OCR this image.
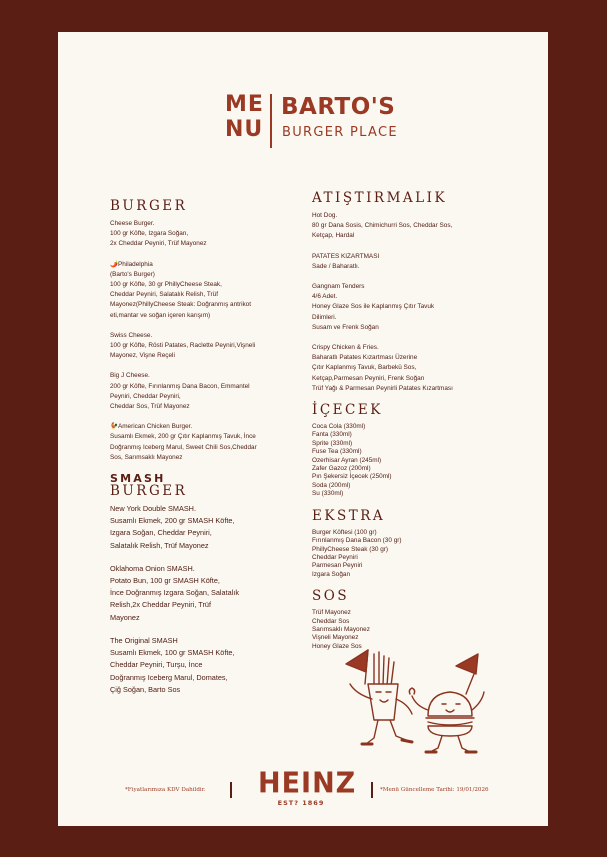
ME
NU
BARTO'S
BURGER PLACE
BURGER
Cheese Burger.
100 gr Köfte, Izgara Soğan,
2x Cheddar Peyniri, Trüf Mayonez
🌶️Philadelphia
(Barto's Burger)
100 gr Köfte, 30 gr PhillyCheese Steak,
Cheddar Peyniri, Salatalık Relish, Trüf
Mayonez(PhillyCheese Steak: Doğranmış antrikot
eti,mantar ve soğan içeren karışım)
Swiss Cheese.
100 gr Köfte, Rösti Patates, Raclette Peyniri,Vişneli
Mayonez, Vişne Reçeli
Big J Cheese.
200 gr Köfte, Fırınlanmış Dana Bacon, Emmantel
Peyniri, Cheddar Peyniri,
Cheddar Sos, Trüf Mayonez
🐓American Chicken Burger.
Susamlı Ekmek, 200 gr Çıtır Kaplanmış Tavuk, İnce
Doğranmış Iceberg Marul, Sweet Chili Sos,Cheddar
Sos, Sarımsaklı Mayonez
SMASH
BURGER
New York Double SMASH.
Susamlı Ekmek, 200 gr SMASH Köfte,
Izgara Soğan, Cheddar Peyniri,
Salatalık Relish, Trüf Mayonez
Oklahoma Onion SMASH.
Potato Bun, 100 gr SMASH Köfte,
İnce Doğranmış Izgara Soğan, Salatalık
Relish,2x Cheddar Peyniri, Trüf
Mayonez
The Original SMASH
Susamlı Ekmek, 100 gr SMASH Köfte,
Cheddar Peyniri, Turşu, İnce
Doğranmış Iceberg Marul, Domates,
Çiğ Soğan, Barto Sos
ATIŞTIRMALIK
Hot Dog.
80 gr Dana Sosis, Chimichurri Sos, Cheddar Sos,
Ketçap, Hardal
PATATES KIZARTMASI
Sade / Baharatlı.
Gangnam Tenders
4/6 Adet.
Honey Glaze Sos ile Kaplanmış Çıtır Tavuk
Dilimleri.
Susam ve Frenk Soğan
Crispy Chicken & Fries.
Baharatlı Patates Kızartması Üzerine
Çıtır Kaplanmış Tavuk, Barbekü Sos,
Ketçap,Parmesan Peyniri, Frenk Soğan
Trüf Yağı & Parmesan Peynirli Patates Kızartması
İÇECEK
Coca Cola (330ml)
Fanta (330ml)
Sprite (330ml)
Fuse Tea (330ml)
Ozerhisar Ayran (245ml)
Zafer Gazoz (200ml)
Pın Şekersiz İçecek (250ml)
Soda (200ml)
Su (330ml)
EKSTRA
Burger Köftesi (100 gr)
Fırınlanmış Dana Bacon (30 gr)
PhillyCheese Steak (30 gr)
Cheddar Peyniri
Parmesan Peyniri
Izgara Soğan
SOS
Trüf Mayonez
Cheddar Sos
Sarımsaklı Mayonez
Vişneli Mayonez
Honey Glaze Sos
*Fiyatlarımıza KDV Dahildir. HEINZ
EST? 1869
*Menü Güncelleme Tarihi: 19/01/2026
